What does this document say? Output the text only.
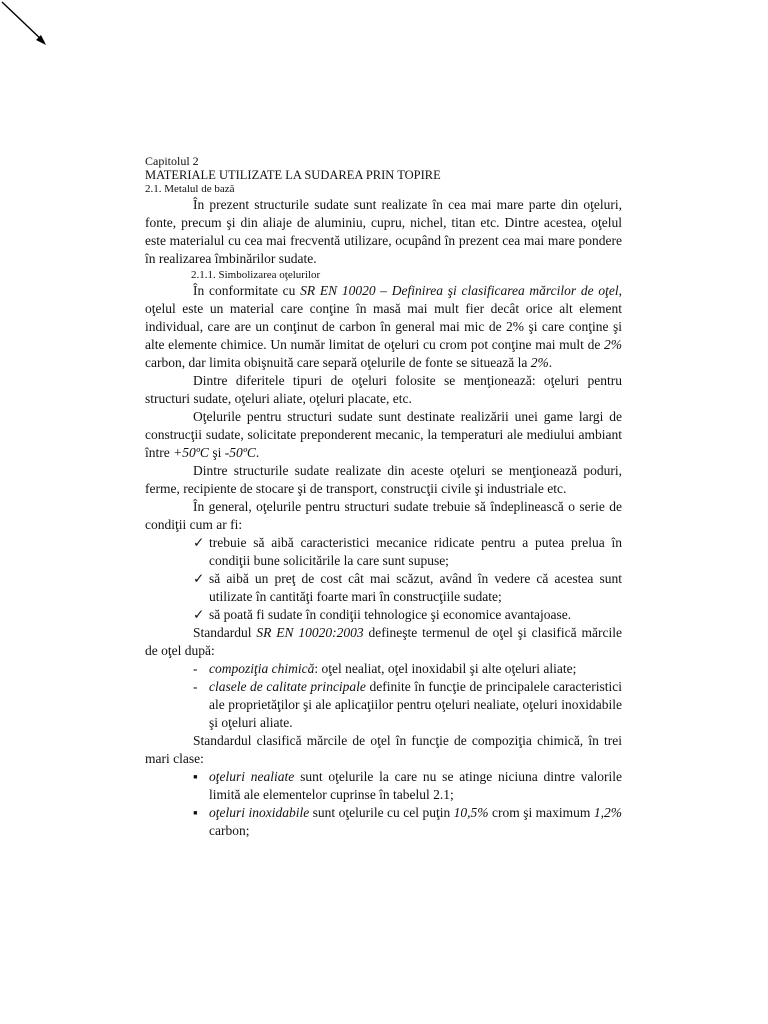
Capitolul 2
MATERIALE UTILIZATE LA SUDAREA PRIN TOPIRE
2.1. Metalul de bază

În prezent structurile sudate sunt realizate în cea mai mare parte din oţeluri, fonte, precum şi din aliaje de aluminiu, cupru, nichel, titan etc. Dintre acestea, oţelul este materialul cu cea mai frecventă utilizare, ocupând în prezent cea mai mare pondere în realizarea îmbinărilor sudate.

2.1.1. Simbolizarea oţelurilor

În conformitate cu SR EN 10020 – Definirea şi clasificarea mărcilor de oţel, oţelul este un material care conţine în masă mai mult fier decât orice alt element individual, care are un conţinut de carbon în general mai mic de 2% şi care conţine şi alte elemente chimice. Un număr limitat de oţeluri cu crom pot conţine mai mult de 2% carbon, dar limita obişnuită care separă oţelurile de fonte se situează la 2%.

Dintre diferitele tipuri de oţeluri folosite se menţionează: oţeluri pentru structuri sudate, oţeluri aliate, oţeluri placate, etc.

Oţelurile pentru structuri sudate sunt destinate realizării unei game largi de construcţii sudate, solicitate preponderent mecanic, la temperaturi ale mediului ambiant între +50ºC şi -50ºC.

Dintre structurile sudate realizate din aceste oţeluri se menţionează poduri, ferme, recipiente de stocare şi de transport, construcţii civile şi industriale etc.

În general, oţelurile pentru structuri sudate trebuie să îndeplinească o serie de condiţii cum ar fi:

✓ trebuie să aibă caracteristici mecanice ridicate pentru a putea prelua în condiţii bune solicitările la care sunt supuse;
✓ să aibă un preţ de cost cât mai scăzut, având în vedere că acestea sunt utilizate în cantităţi foarte mari în construcţiile sudate;
✓ să poată fi sudate în condiţii tehnologice şi economice avantajoase.

Standardul SR EN 10020:2003 defineşte termenul de oţel şi clasifică mărcile de oţel după:

- compoziţia chimică: oţel nealiat, oţel inoxidabil şi alte oţeluri aliate;
- clasele de calitate principale definite în funcţie de principalele caracteristici ale proprietăţilor şi ale aplicaţiilor pentru oţeluri nealiate, oţeluri inoxidabile şi oţeluri aliate.

Standardul clasifică mărcile de oţel în funcţie de compoziţia chimică, în trei mari clase:

▪ oţeluri nealiate sunt oţelurile la care nu se atinge niciuna dintre valorile limită ale elementelor cuprinse în tabelul 2.1;
▪ oţeluri inoxidabile sunt oţelurile cu cel puţin 10,5% crom şi maximum 1,2% carbon;
